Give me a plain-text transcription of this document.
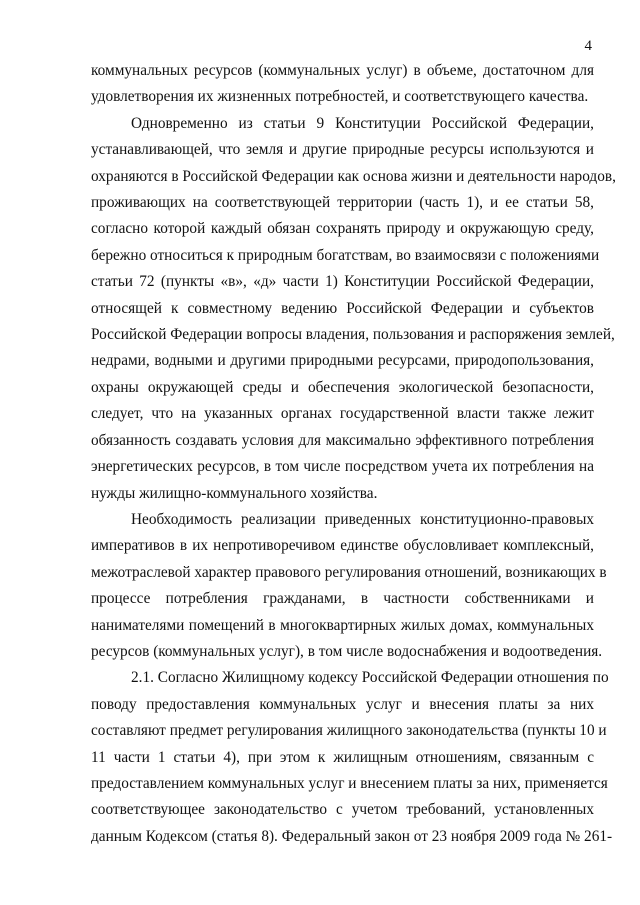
4
коммунальных ресурсов (коммунальных услуг) в объеме, достаточном для
удовлетворения их жизненных потребностей, и соответствующего качества.
Одновременно из статьи 9 Конституции Российской Федерации,
устанавливающей, что земля и другие природные ресурсы используются и
охраняются в Российской Федерации как основа жизни и деятельности народов,
проживающих на соответствующей территории (часть 1), и ее статьи 58,
согласно которой каждый обязан сохранять природу и окружающую среду,
бережно относиться к природным богатствам, во взаимосвязи с положениями
статьи 72 (пункты «в», «д» части 1) Конституции Российской Федерации,
относящей к совместному ведению Российской Федерации и субъектов
Российской Федерации вопросы владения, пользования и распоряжения землей,
недрами, водными и другими природными ресурсами, природопользования,
охраны окружающей среды и обеспечения экологической безопасности,
следует, что на указанных органах государственной власти также лежит
обязанность создавать условия для максимально эффективного потребления
энергетических ресурсов, в том числе посредством учета их потребления на
нужды жилищно-коммунального хозяйства.
Необходимость реализации приведенных конституционно-правовых
императивов в их непротиворечивом единстве обусловливает комплексный,
межотраслевой характер правового регулирования отношений, возникающих в
процессе потребления гражданами, в частности собственниками и
нанимателями помещений в многоквартирных жилых домах, коммунальных
ресурсов (коммунальных услуг), в том числе водоснабжения и водоотведения.
2.1. Согласно Жилищному кодексу Российской Федерации отношения по
поводу предоставления коммунальных услуг и внесения платы за них
составляют предмет регулирования жилищного законодательства (пункты 10 и
11 части 1 статьи 4), при этом к жилищным отношениям, связанным с
предоставлением коммунальных услуг и внесением платы за них, применяется
соответствующее законодательство с учетом требований, установленных
данным Кодексом (статья 8). Федеральный закон от 23 ноября 2009 года № 261-
